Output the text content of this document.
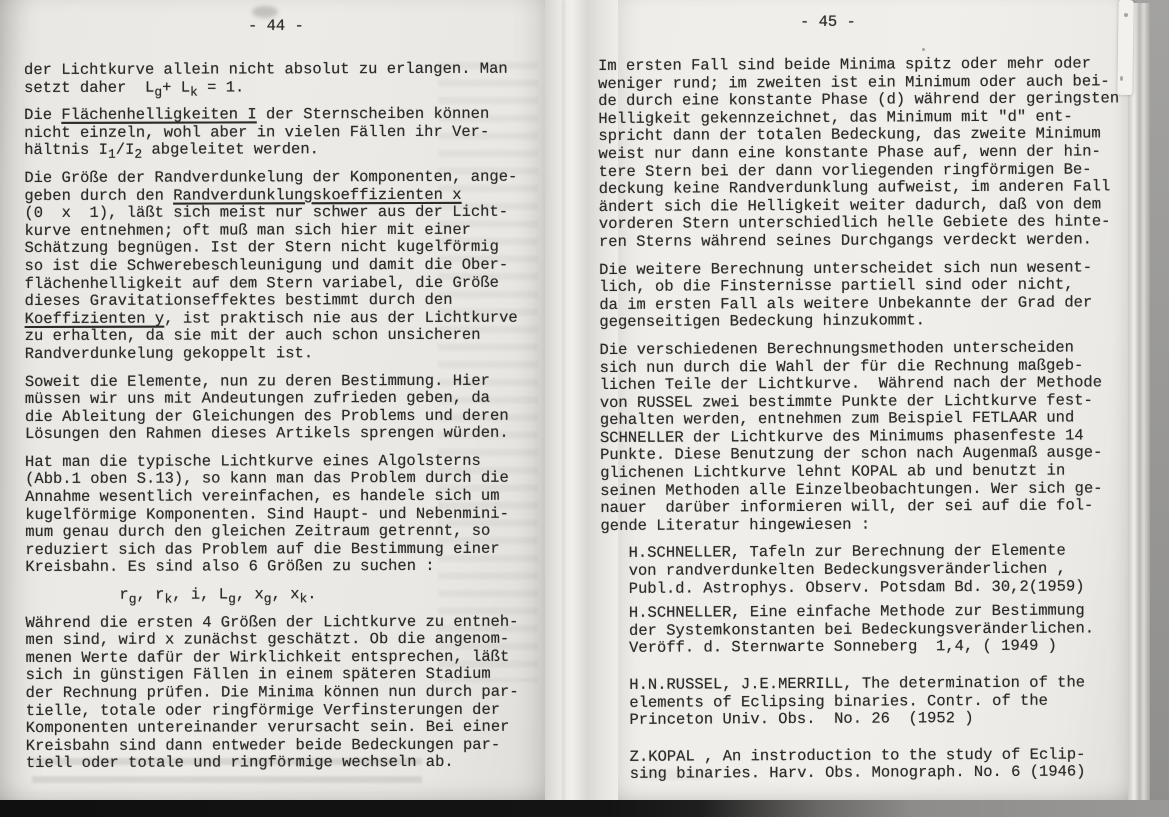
- 44 -	- 45 -
der Lichtkurve allein nicht absolut zu erlangen. Man
setzt daher  Lg+ Lk = 1.
Die Flächenhelligkeiten I der Sternscheiben können
nicht einzeln, wohl aber in vielen Fällen ihr Ver-
hältnis I1/I2 abgeleitet werden.
Die Größe der Randverdunkelung der Komponenten, ange-
geben durch den Randverdunklungskoeffizienten x
(0  x  1), läßt sich meist nur schwer aus der Licht-
kurve entnehmen; oft muß man sich hier mit einer
Schätzung begnügen. Ist der Stern nicht kugelförmig
so ist die Schwerebeschleunigung und damit die Ober-
flächenhelligkeit auf dem Stern variabel, die Größe
dieses Gravitationseffektes bestimmt durch den
Koeffizienten y, ist praktisch nie aus der Lichtkurve
zu erhalten, da sie mit der auch schon unsicheren
Randverdunkelung gekoppelt ist.
Soweit die Elemente, nun zu deren Bestimmung. Hier
müssen wir uns mit Andeutungen zufrieden geben, da
die Ableitung der Gleichungen des Problems und deren
Lösungen den Rahmen dieses Artikels sprengen würden.
Hat man die typische Lichtkurve eines Algolsterns
(Abb.1 oben S.13), so kann man das Problem durch die
Annahme wesentlich vereinfachen, es handele sich um
kugelförmige Komponenten. Sind Haupt- und Nebenmini-
mum genau durch den gleichen Zeitraum getrennt, so
reduziert sich das Problem auf die Bestimmung einer
Kreisbahn. Es sind also 6 Größen zu suchen :
rg, rk, i, Lg, xg, xk.
Während die ersten 4 Größen der Lichtkurve zu entneh-
men sind, wird x zunächst geschätzt. Ob die angenom-
menen Werte dafür der Wirklichkeit entsprechen, läßt
sich in günstigen Fällen in einem späteren Stadium
der Rechnung prüfen. Die Minima können nun durch par-
tielle, totale oder ringförmige Verfinsterungen der
Komponenten untereinander verursacht sein. Bei einer
Kreisbahn sind dann entweder beide Bedeckungen par-
tiell oder totale und ringförmige wechseln ab.
Im ersten Fall sind beide Minima spitz oder mehr oder
weniger rund; im zweiten ist ein Minimum oder auch bei-
de durch eine konstante Phase (d) während der geringsten
Helligkeit gekennzeichnet, das Minimum mit "d" ent-
spricht dann der totalen Bedeckung, das zweite Minimum
weist nur dann eine konstante Phase auf, wenn der hin-
tere Stern bei der dann vorliegenden ringförmigen Be-
deckung keine Randverdunklung aufweist, im anderen Fall
ändert sich die Helligkeit weiter dadurch, daß von dem
vorderen Stern unterschiedlich helle Gebiete des hinte-
ren Sterns während seines Durchgangs verdeckt werden.
Die weitere Berechnung unterscheidet sich nun wesent-
lich, ob die Finsternisse partiell sind oder nicht,
da im ersten Fall als weitere Unbekannte der Grad der
gegenseitigen Bedeckung hinzukommt.
Die verschiedenen Berechnungsmethoden unterscheiden
sich nun durch die Wahl der für die Rechnung maßgeb-
lichen Teile der Lichtkurve.  Während nach der Methode
von RUSSEL zwei bestimmte Punkte der Lichtkurve fest-
gehalten werden, entnehmen zum Beispiel FETLAAR und
SCHNELLER der Lichtkurve des Minimums phasenfeste 14
Punkte. Diese Benutzung der schon nach Augenmaß ausge-
glichenen Lichtkurve lehnt KOPAL ab und benutzt in
seinen Methoden alle Einzelbeobachtungen. Wer sich ge-
nauer  darüber informieren will, der sei auf die fol-
gende Literatur hingewiesen :
H.SCHNELLER, Tafeln zur Berechnung der Elemente
von randverdunkelten Bedeckungsveränderlichen ,
Publ.d. Astrophys. Observ. Potsdam Bd. 30,2(1959)
H.SCHNELLER, Eine einfache Methode zur Bestimmung
der Systemkonstanten bei Bedeckungsveränderlichen.
Veröff. d. Sternwarte Sonneberg  1,4, ( 1949 )
H.N.RUSSEL, J.E.MERRILL, The determination of the
elements of Eclipsing binaries. Contr. of the
Princeton Univ. Obs.  No. 26  (1952 )
Z.KOPAL , An instroduction to the study of Eclip-
sing binaries. Harv. Obs. Monograph. No. 6 (1946)
